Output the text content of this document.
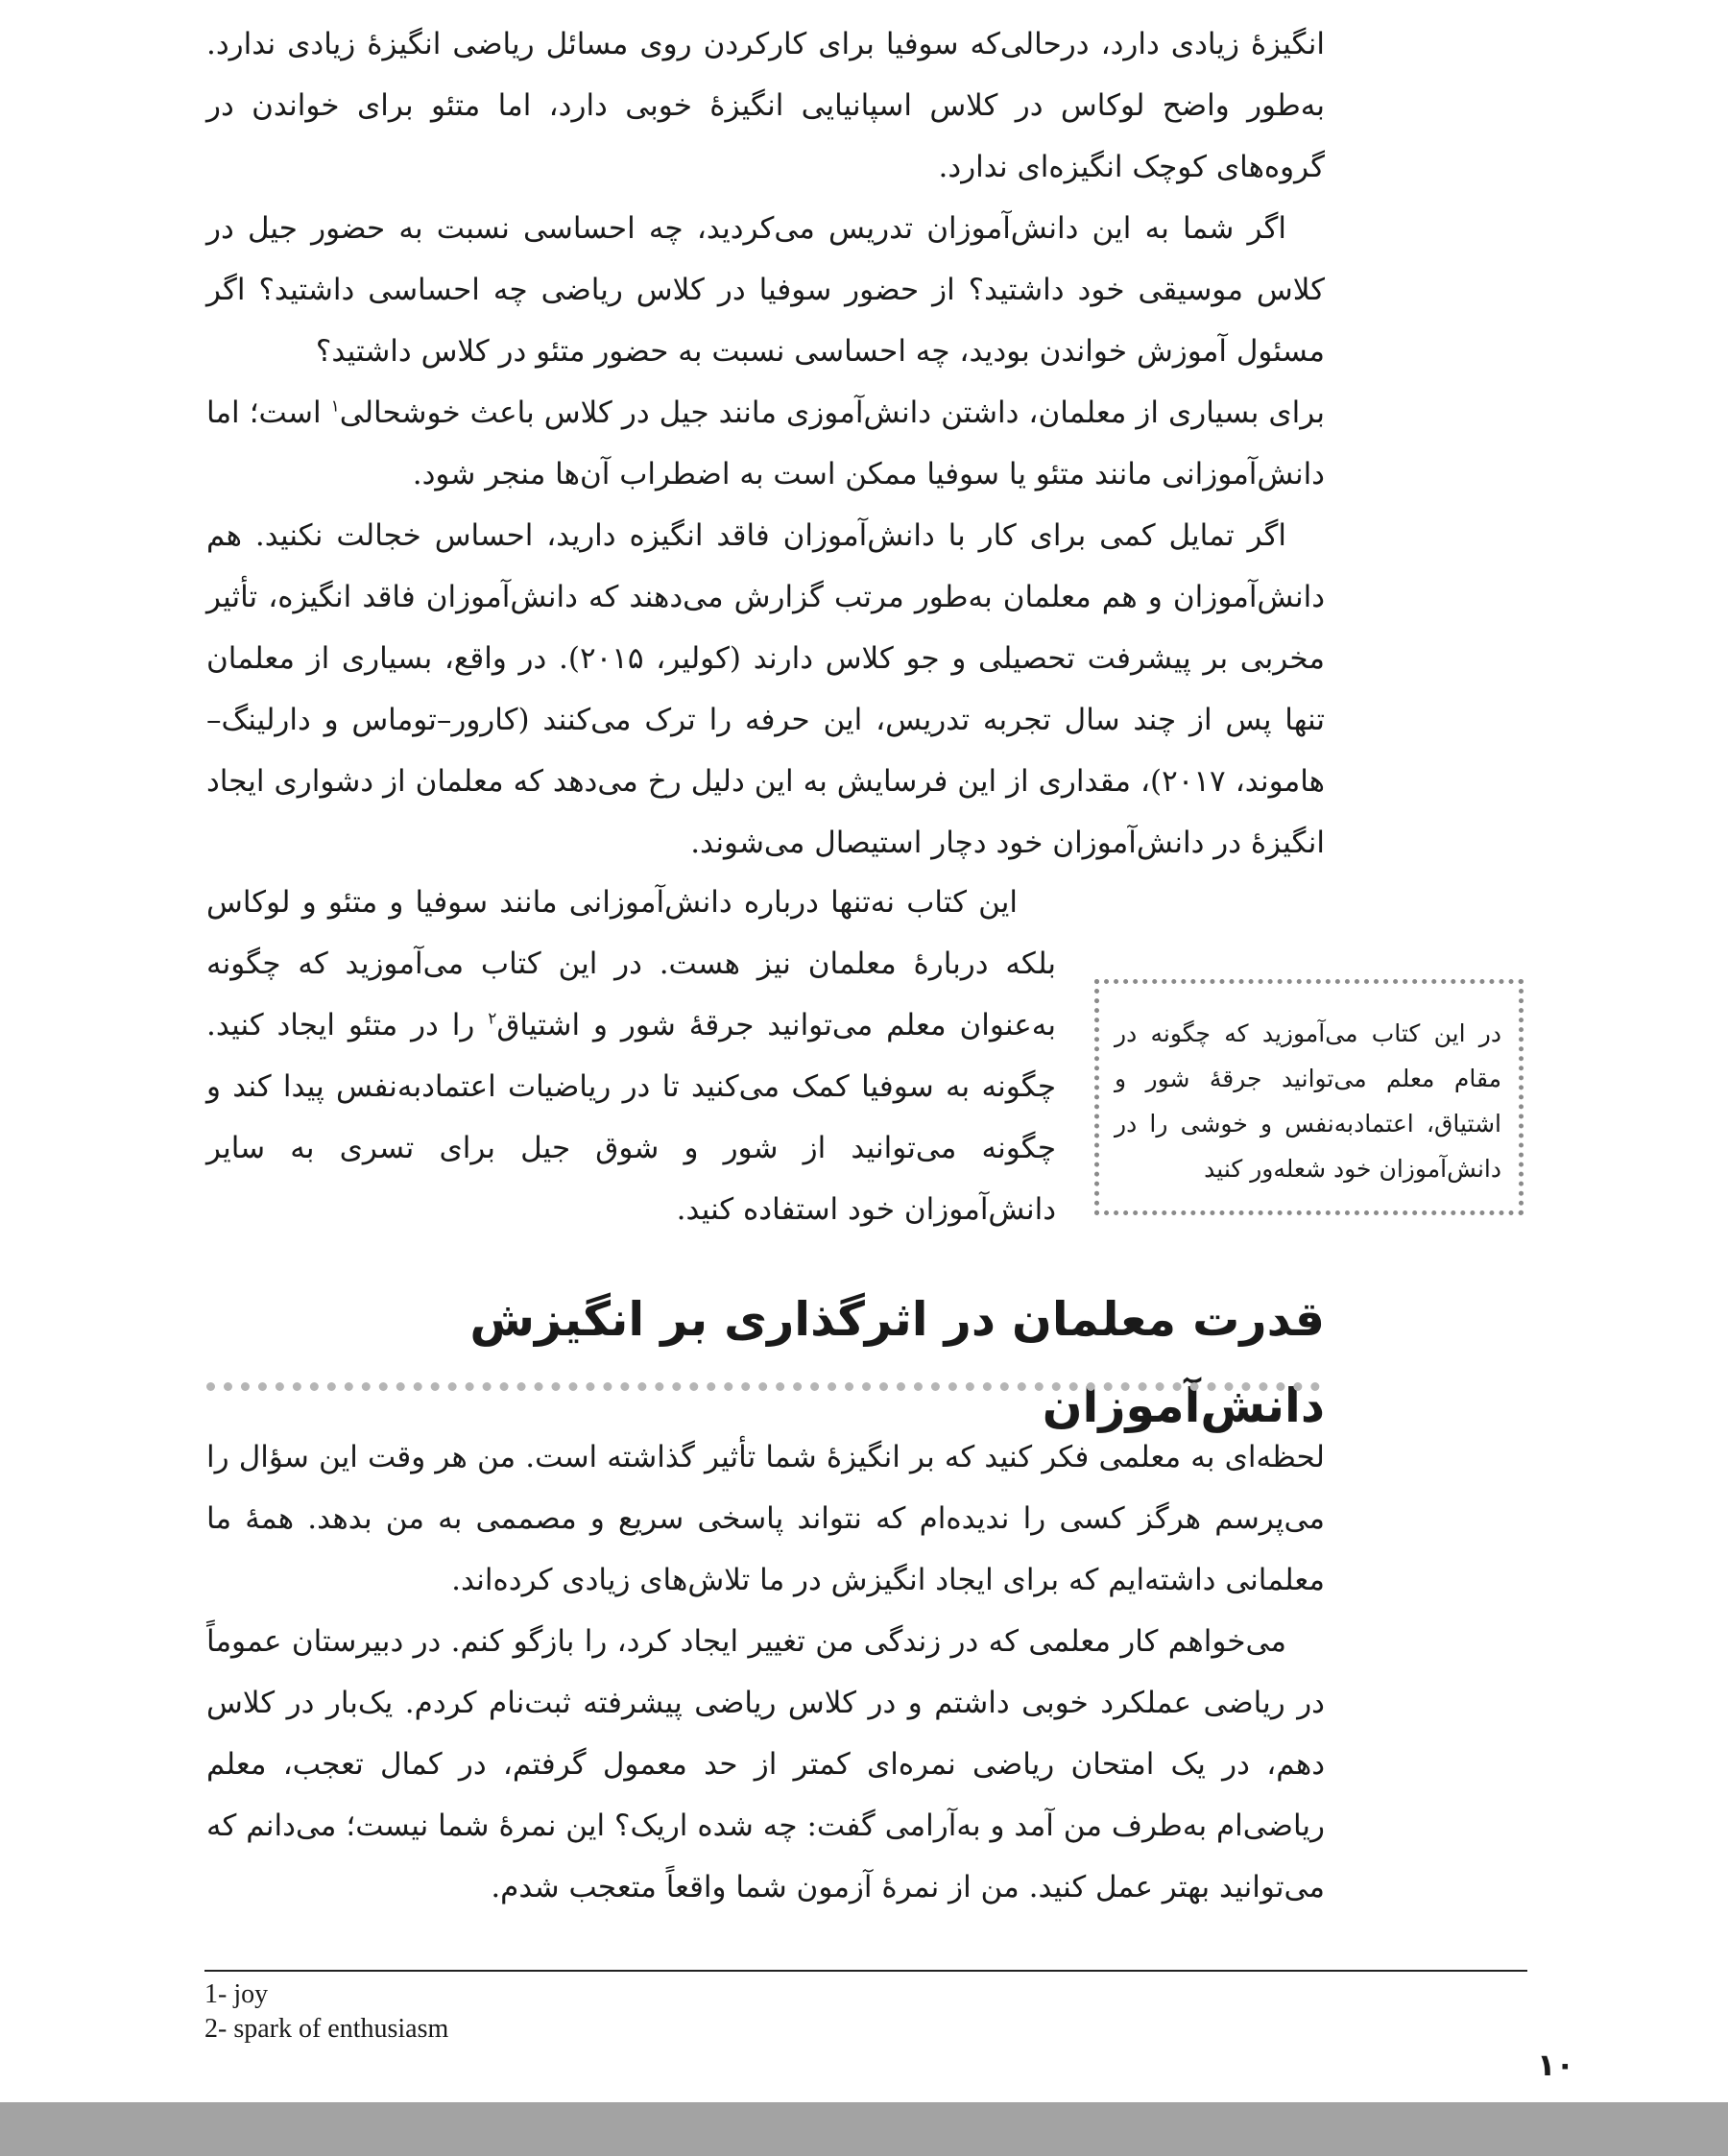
انگیزهٔ زیادی دارد، درحالی‌که سوفیا برای کارکردن روی مسائل ریاضی انگیزهٔ زیادی ندارد. به‌طور واضح لوکاس در کلاس اسپانیایی انگیزهٔ خوبی دارد، اما متئو برای خواندن در گروه‌های کوچک انگیزه‌ای ندارد.

اگر شما به این دانش‌آموزان تدریس می‌کردید، چه احساسی نسبت به حضور جیل در کلاس موسیقی خود داشتید؟ از حضور سوفیا در کلاس ریاضی چه احساسی داشتید؟ اگر مسئول آموزش خواندن بودید، چه احساسی نسبت به حضور متئو در کلاس داشتید؟

برای بسیاری از معلمان، داشتن دانش‌آموزی مانند جیل در کلاس باعث خوشحالی$^۱$ است؛ اما دانش‌آموزانی مانند متئو یا سوفیا ممکن است به اضطراب آن‌ها منجر شود.

اگر تمایل کمی برای کار با دانش‌آموزان فاقد انگیزه دارید، احساس خجالت نکنید. هم دانش‌آموزان و هم معلمان به‌طور مرتب گزارش می‌دهند که دانش‌آموزان فاقد انگیزه، تأثیر مخربی بر پیشرفت تحصیلی و جو کلاس دارند (کولیر، ۲۰۱۵). در واقع، بسیاری از معلمان تنها پس از چند سال تجربه تدریس، این حرفه را ترک می‌کنند (کارور–توماس و دارلینگ–هاموند، ۲۰۱۷)، مقداری از این فرسایش به این دلیل رخ می‌دهد که معلمان از دشواری ایجاد انگیزهٔ در دانش‌آموزان خود دچار استیصال می‌شوند.

این کتاب نه‌تنها درباره دانش‌آموزانی مانند سوفیا و متئو و لوکاس بلکه دربارهٔ معلمان نیز هست. در این کتاب می‌آموزید که چگونه به‌عنوان معلم می‌توانید جرقهٔ شور و اشتیاق$^۲$ را در متئو ایجاد کنید. چگونه به سوفیا کمک می‌کنید تا در ریاضیات اعتمادبه‌نفس پیدا کند و چگونه می‌توانید از شور و شوق جیل برای تسری به سایر دانش‌آموزان خود استفاده کنید.
در این کتاب می‌آموزید که چگونه در مقام معلم می‌توانید جرقهٔ شور و اشتیاق، اعتمادبه‌نفس و خوشی را در دانش‌آموزان خود شعله‌ور کنید
قدرت معلمان در اثرگذاری بر انگیزش دانش‌آموزان

لحظه‌ای به معلمی فکر کنید که بر انگیزهٔ شما تأثیر گذاشته است. من هر وقت این سؤال را می‌پرسم هرگز کسی را ندیده‌ام که نتواند پاسخی سریع و مصممی به من بدهد. همهٔ ما معلمانی داشته‌ایم که برای ایجاد انگیزش در ما تلاش‌های زیادی کرده‌اند.

می‌خواهم کار معلمی که در زندگی من تغییر ایجاد کرد، را بازگو کنم. در دبیرستان عموماً در ریاضی عملکرد خوبی داشتم و در کلاس ریاضی پیشرفته ثبت‌نام کردم. یک‌بار در کلاس دهم، در یک امتحان ریاضی نمره‌ای کمتر از حد معمول گرفتم، در کمال تعجب، معلم ریاضی‌ام به‌طرف من آمد و به‌آرامی گفت: چه شده اریک؟ این نمرهٔ شما نیست؛ می‌دانم که می‌توانید بهتر عمل کنید. من از نمرهٔ آزمون شما واقعاً متعجب شدم.

1- joy
2- spark of enthusiasm
۱۰
